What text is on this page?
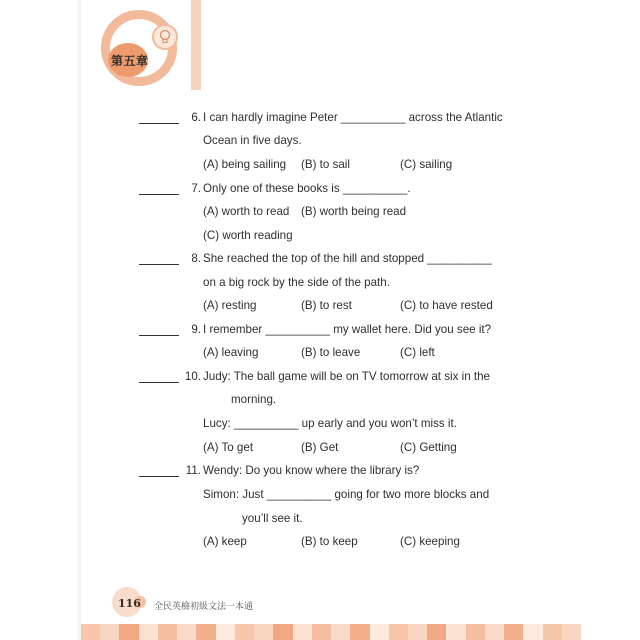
第五章
6. I can hardly imagine Peter __________ across the Atlantic
Ocean in five days.
(A) being sailing (B) to sail	(C) sailing
7. Only one of these books is __________.
(A) worth to read (B) worth being read
(C) worth reading
8. She reached the top of the hill and stopped __________
on a big rock by the side of the path.
(A) resting	(B) to rest	(C) to have rested
9. I remember __________ my wallet here. Did you see it?
(A) leaving	(B) to leave	(C) left
10. Judy: The ball game will be on TV tomorrow at six in the
morning.
Lucy: __________ up early and you won’t miss it.
(A) To get	(B) Get	(C) Getting
11. Wendy: Do you know where the library is?
Simon: Just __________ going for two more blocks and
you’ll see it.
(A) keep	(B) to keep	(C) keeping
116 全民英檢初級文法一本通
